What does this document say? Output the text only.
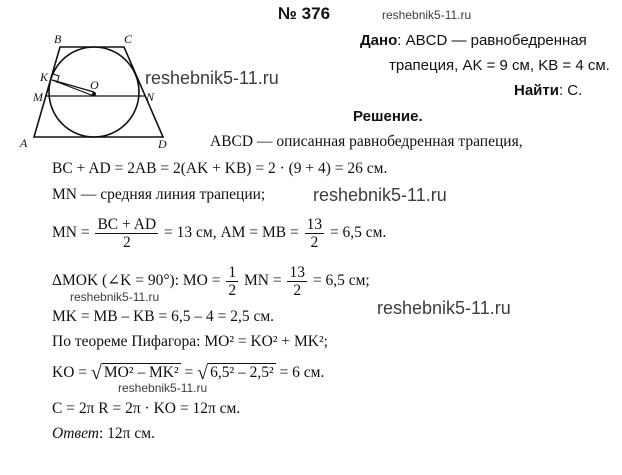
№ 376	reshebnik5-11.ru
reshebnik5-11.ru
reshebnik5-11.ru
reshebnik5-11.ru
reshebnik5-11.ru
reshebnik5-11.ru
B	C
K
O
M	N
A	D
Дано: ABCD — равнобедренная
трапеция, AK = 9 см, KB = 4 см.
Найти: C.
Решение.
ABCD — описанная равнобедренная трапеция,
BC + AD = 2AB = 2(AK + KB) = 2 · (9 + 4) = 26 см.
MN — средняя линия трапеции;
MN = $\frac{BC + AD}{2} = 13$ см, AM = MB = $\frac{13}{2} = 6,5$ см.
ΔMOK (∠K = 90°): MO = $\frac{1}{2}$ MN = $\frac{13}{2} = 6,5$ см;
MK = MB – KB = 6,5 – 4 = 2,5 см.
По теореме Пифагора: MO² = KO² + MK²;
KO = √ MO² – MK² = √ 6,5² – 2,5² = 6 см.
C = 2π R = 2π · KO = 12π см.
Ответ: 12π см.
